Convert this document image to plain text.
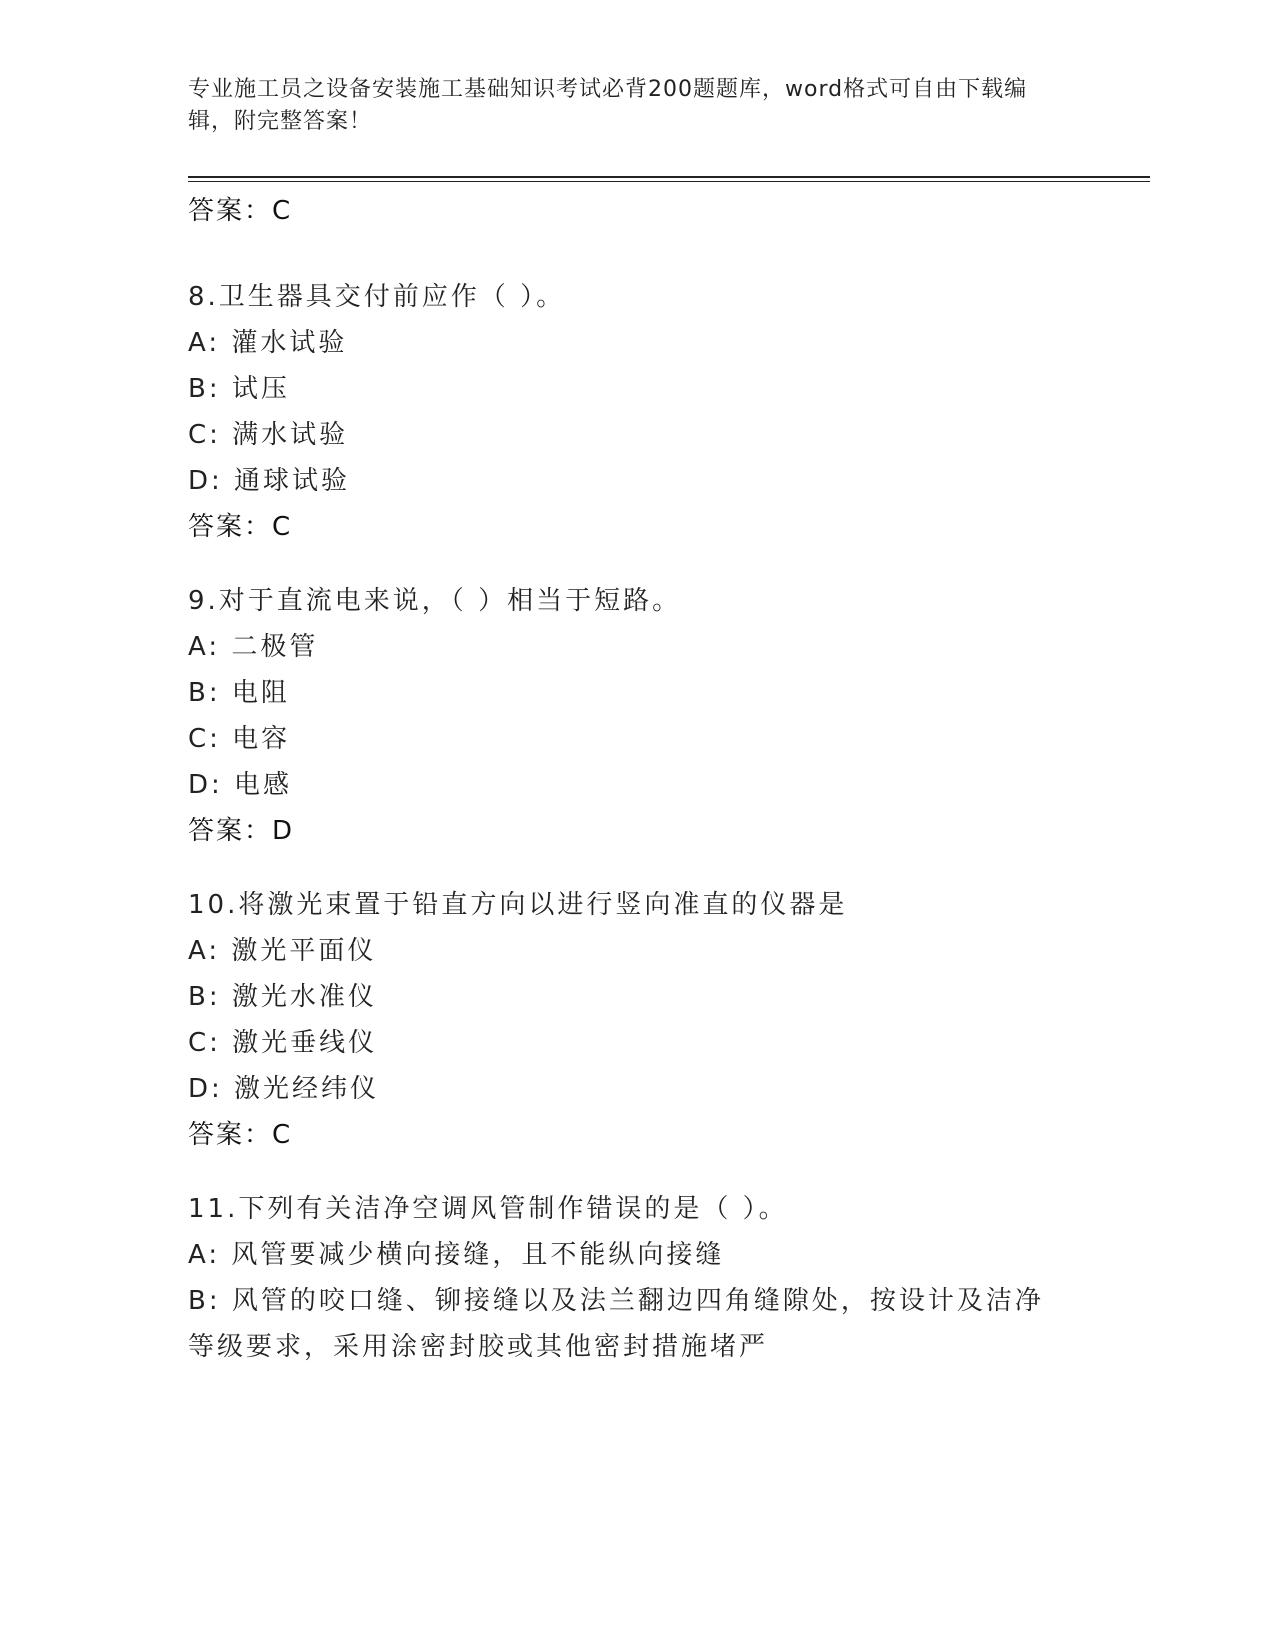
专业施工员之设备安装施工基础知识考试必背200题题库，word格式可自由下载编辑，附完整答案！
答案：C
8.卫生器具交付前应作（ ）。
A: 灌水试验
B: 试压
C: 满水试验
D: 通球试验
答案：C
9.对于直流电来说，（ ）相当于短路。
A: 二极管
B: 电阻
C: 电容
D: 电感
答案：D
10.将激光束置于铅直方向以进行竖向准直的仪器是
A: 激光平面仪
B: 激光水准仪
C: 激光垂线仪
D: 激光经纬仪
答案：C
11.下列有关洁净空调风管制作错误的是（ ）。
A: 风管要减少横向接缝，且不能纵向接缝
B: 风管的咬口缝、铆接缝以及法兰翻边四角缝隙处，按设计及洁净等级要求，采用涂密封胶或其他密封措施堵严
